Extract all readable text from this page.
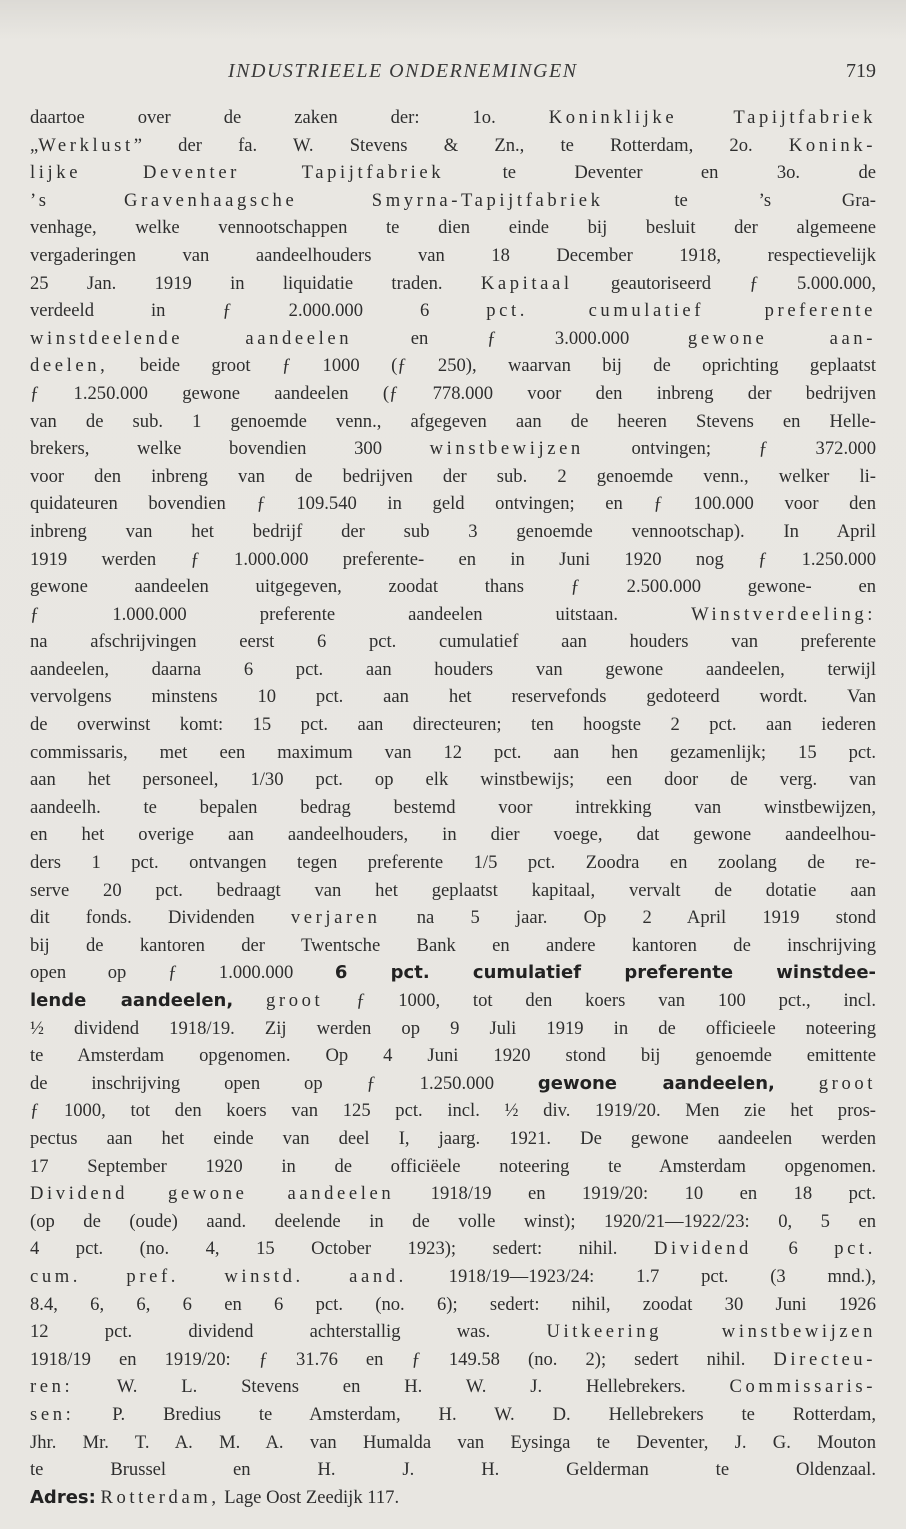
INDUSTRIEELE ONDERNEMINGEN	719
daartoe over de zaken der: 1o. Koninklijke Tapijtfabriek
„Werklust” der fa. W. Stevens & Zn., te Rotterdam, 2o. Konink-
lijke Deventer Tapijtfabriek te Deventer en 3o. de
’s Gravenhaagsche Smyrna-Tapijtfabriek te ’s Gra-
venhage, welke vennootschappen te dien einde bij besluit der algemeene
vergaderingen van aandeelhouders van 18 December 1918, respectievelijk
25 Jan. 1919 in liquidatie traden. Kapitaal geautoriseerd ƒ 5.000.000,
verdeeld in ƒ 2.000.000 6 pct. cumulatief preferente
winstdeelende aandeelen en ƒ 3.000.000 gewone aan-
deelen, beide groot ƒ 1000 (ƒ 250), waarvan bij de oprichting geplaatst
ƒ 1.250.000 gewone aandeelen (ƒ 778.000 voor den inbreng der bedrijven
van de sub. 1 genoemde venn., afgegeven aan de heeren Stevens en Helle-
brekers, welke bovendien 300 winstbewijzen ontvingen; ƒ 372.000
voor den inbreng van de bedrijven der sub. 2 genoemde venn., welker li-
quidateuren bovendien ƒ 109.540 in geld ontvingen; en ƒ 100.000 voor den
inbreng van het bedrijf der sub 3 genoemde vennootschap). In April
1919 werden ƒ 1.000.000 preferente- en in Juni 1920 nog ƒ 1.250.000
gewone aandeelen uitgegeven, zoodat thans ƒ 2.500.000 gewone- en
ƒ 1.000.000 preferente aandeelen uitstaan. Winstverdeeling:
na afschrijvingen eerst 6 pct. cumulatief aan houders van preferente
aandeelen, daarna 6 pct. aan houders van gewone aandeelen, terwijl
vervolgens minstens 10 pct. aan het reservefonds gedoteerd wordt. Van
de overwinst komt: 15 pct. aan directeuren; ten hoogste 2 pct. aan iederen
commissaris, met een maximum van 12 pct. aan hen gezamenlijk; 15 pct.
aan het personeel, 1/30 pct. op elk winstbewijs; een door de verg. van
aandeelh. te bepalen bedrag bestemd voor intrekking van winstbewijzen,
en het overige aan aandeelhouders, in dier voege, dat gewone aandeelhou-
ders 1 pct. ontvangen tegen preferente 1/5 pct. Zoodra en zoolang de re-
serve 20 pct. bedraagt van het geplaatst kapitaal, vervalt de dotatie aan
dit fonds. Dividenden verjaren na 5 jaar. Op 2 April 1919 stond
bij de kantoren der Twentsche Bank en andere kantoren de inschrijving
open op ƒ 1.000.000 6 pct. cumulatief preferente winstdee-
lende aandeelen, groot ƒ 1000, tot den koers van 100 pct., incl.
½ dividend 1918/19. Zij werden op 9 Juli 1919 in de officieele noteering
te Amsterdam opgenomen. Op 4 Juni 1920 stond bij genoemde emittente
de inschrijving open op ƒ 1.250.000 gewone aandeelen, groot
ƒ 1000, tot den koers van 125 pct. incl. ½ div. 1919/20. Men zie het pros-
pectus aan het einde van deel I, jaarg. 1921. De gewone aandeelen werden
17 September 1920 in de officiëele noteering te Amsterdam opgenomen.
Dividend gewone aandeelen 1918/19 en 1919/20: 10 en 18 pct.
(op de (oude) aand. deelende in de volle winst); 1920/21—1922/23: 0, 5 en
4 pct. (no. 4, 15 October 1923); sedert: nihil. Dividend 6 pct.
cum. pref. winstd. aand. 1918/19—1923/24: 1.7 pct. (3 mnd.),
8.4, 6, 6, 6 en 6 pct. (no. 6); sedert: nihil, zoodat 30 Juni 1926
12 pct. dividend achterstallig was. Uitkeering winstbewijzen
1918/19 en 1919/20: ƒ 31.76 en ƒ 149.58 (no. 2); sedert nihil. Directeu-
ren: W. L. Stevens en H. W. J. Hellebrekers. Commissaris-
sen: P. Bredius te Amsterdam, H. W. D. Hellebrekers te Rotterdam,
Jhr. Mr. T. A. M. A. van Humalda van Eysinga te Deventer, J. G. Mouton
te Brussel en H. J. H. Gelderman te Oldenzaal.
Adres: Rotterdam, Lage Oost Zeedijk 117.
